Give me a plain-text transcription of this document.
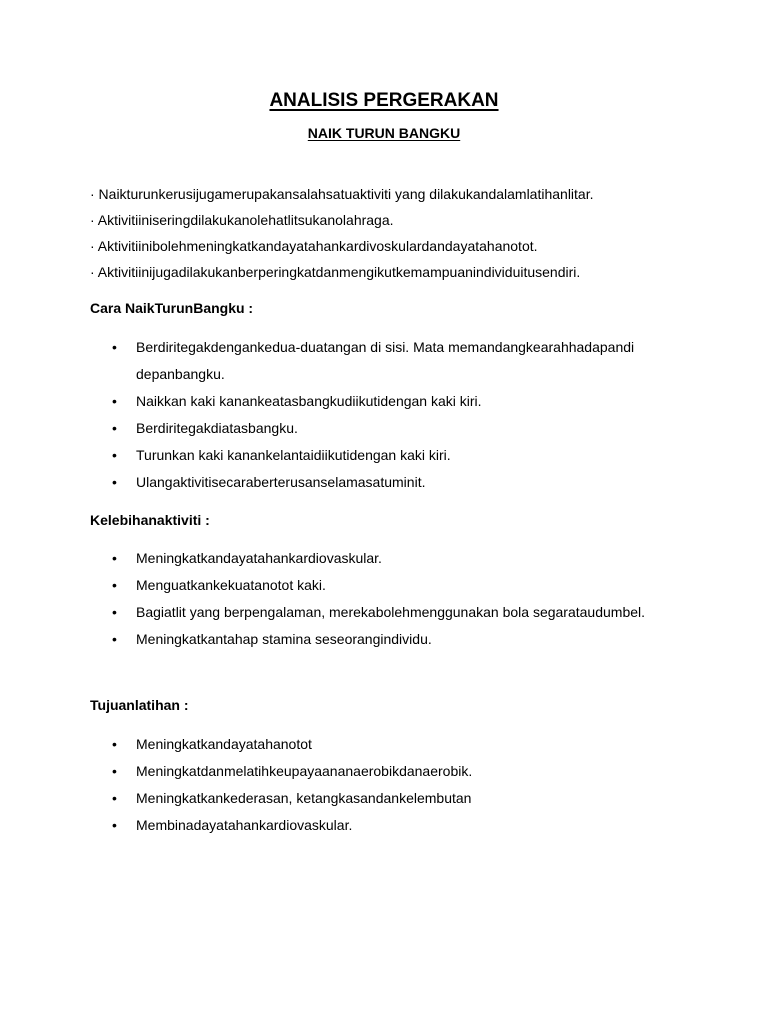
ANALISIS PERGERAKAN
NAIK TURUN BANGKU
· Naikturunkerusijugamerupakansalahsatuaktiviti yang dilakukandalamlatihanlitar.
· Aktivitiiniseringdilakukanolehatlitsukanolahraga.
· Aktivitiinibolehmeningkatkandayatahankardivoskulardandayatahanotot.
· Aktivitiinijugadilakukanberperingkatdanmengikutkemampuanindividuitusendiri.

Cara NaikTurunBangku :

• Berdiritegakdengankedua-duatangan di sisi. Mata memandangkearahhadapandi depanbangku.
• Naikkan kaki kanankeatasbangkudiikutidengan kaki kiri.
• Berdiritegakdiatasbangku.
• Turunkan kaki kanankelantaidiikutidengan kaki kiri.
• Ulangaktivitisecaraberterusanselamasatuminit.

Kelebihanaktiviti :

• Meningkatkandayatahankardiovaskular.
• Menguatkankekuatanotot kaki.
• Bagiatlit yang berpengalaman, merekabolehmenggunakan bola segarataudumbel.
• Meningkatkantahap stamina seseorangindividu.

Tujuanlatihan :

• Meningkatkandayatahanotot
• Meningkatdanmelatihkeupayaananaerobikdanaerobik.
• Meningkatkankederasan, ketangkasandankelembutan
• Membinadayatahankardiovaskular.
